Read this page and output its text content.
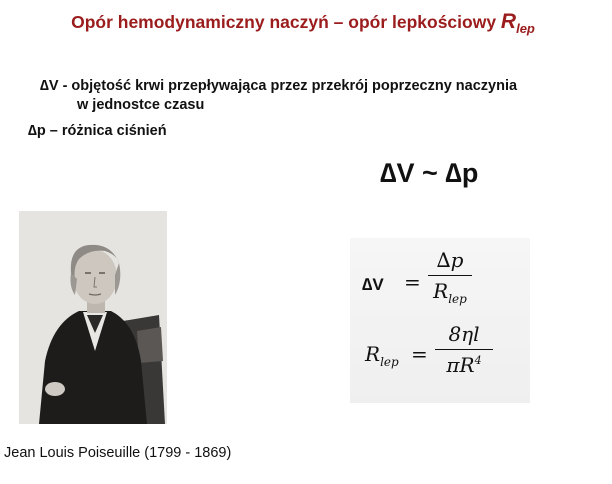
Opór hemodynamiczny naczyń – opór lepkościowy $R_{lep}$
∆V - objętość krwi przepływająca przez przekrój poprzeczny naczynia
w jednostce czasu
∆p – różnica ciśnień
∆V ~ ∆p
∆V =
∆p
$R_{lep}$
$R_{lep}$ =
8ηl
$\pi R^4$
Jean Louis Poiseuille (1799 - 1869)
